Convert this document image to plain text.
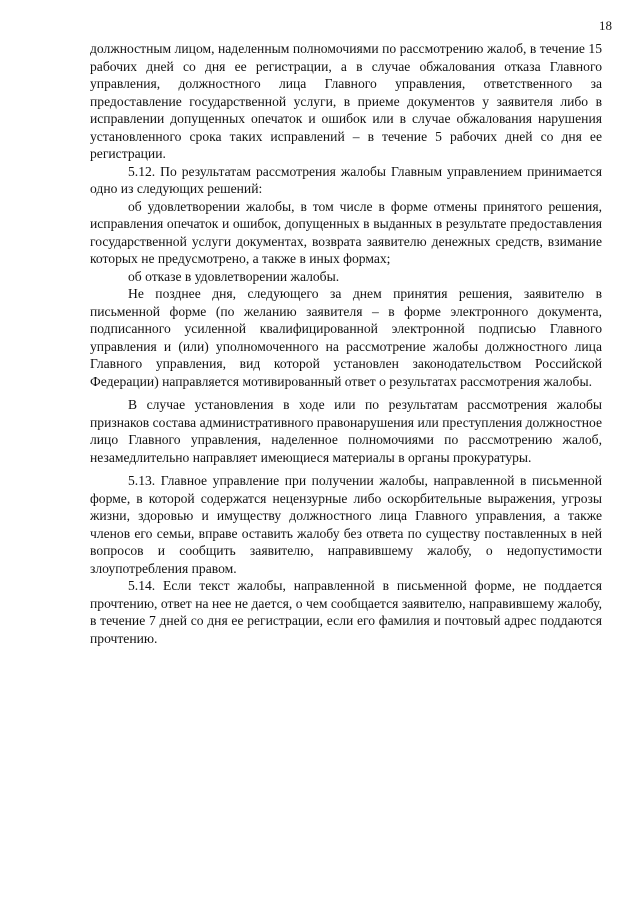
18

должностным лицом, наделенным полномочиями по рассмотрению жалоб, в течение 15 рабочих дней со дня ее регистрации, а в случае обжалования отказа Главного управления, должностного лица Главного управления, ответственного за предоставление государственной услуги, в приеме документов у заявителя либо в исправлении допущенных опечаток и ошибок или в случае обжалования нарушения установленного срока таких исправлений – в течение 5 рабочих дней со дня ее регистрации.

5.12. По результатам рассмотрения жалобы Главным управлением принимается одно из следующих решений:

об удовлетворении жалобы, в том числе в форме отмены принятого решения, исправления опечаток и ошибок, допущенных в выданных в результате предоставления государственной услуги документах, возврата заявителю денежных средств, взимание которых не предусмотрено, а также в иных формах;

об отказе в удовлетворении жалобы.

Не позднее дня, следующего за днем принятия решения, заявителю в письменной форме (по желанию заявителя – в форме электронного документа, подписанного усиленной квалифицированной электронной подписью Главного управления и (или) уполномоченного на рассмотрение жалобы должностного лица Главного управления, вид которой установлен законодательством Российской Федерации) направляется мотивированный ответ о результатах рассмотрения жалобы.

В случае установления в ходе или по результатам рассмотрения жалобы признаков состава административного правонарушения или преступления должностное лицо Главного управления, наделенное полномочиями по рассмотрению жалоб, незамедлительно направляет имеющиеся материалы в органы прокуратуры.

5.13. Главное управление при получении жалобы, направленной в письменной форме, в которой содержатся нецензурные либо оскорбительные выражения, угрозы жизни, здоровью и имуществу должностного лица Главного управления, а также членов его семьи, вправе оставить жалобу без ответа по существу поставленных в ней вопросов и сообщить заявителю, направившему жалобу, о недопустимости злоупотребления правом.

5.14. Если текст жалобы, направленной в письменной форме, не поддается прочтению, ответ на нее не дается, о чем сообщается заявителю, направившему жалобу, в течение 7 дней со дня ее регистрации, если его фамилия и почтовый адрес поддаются прочтению.
